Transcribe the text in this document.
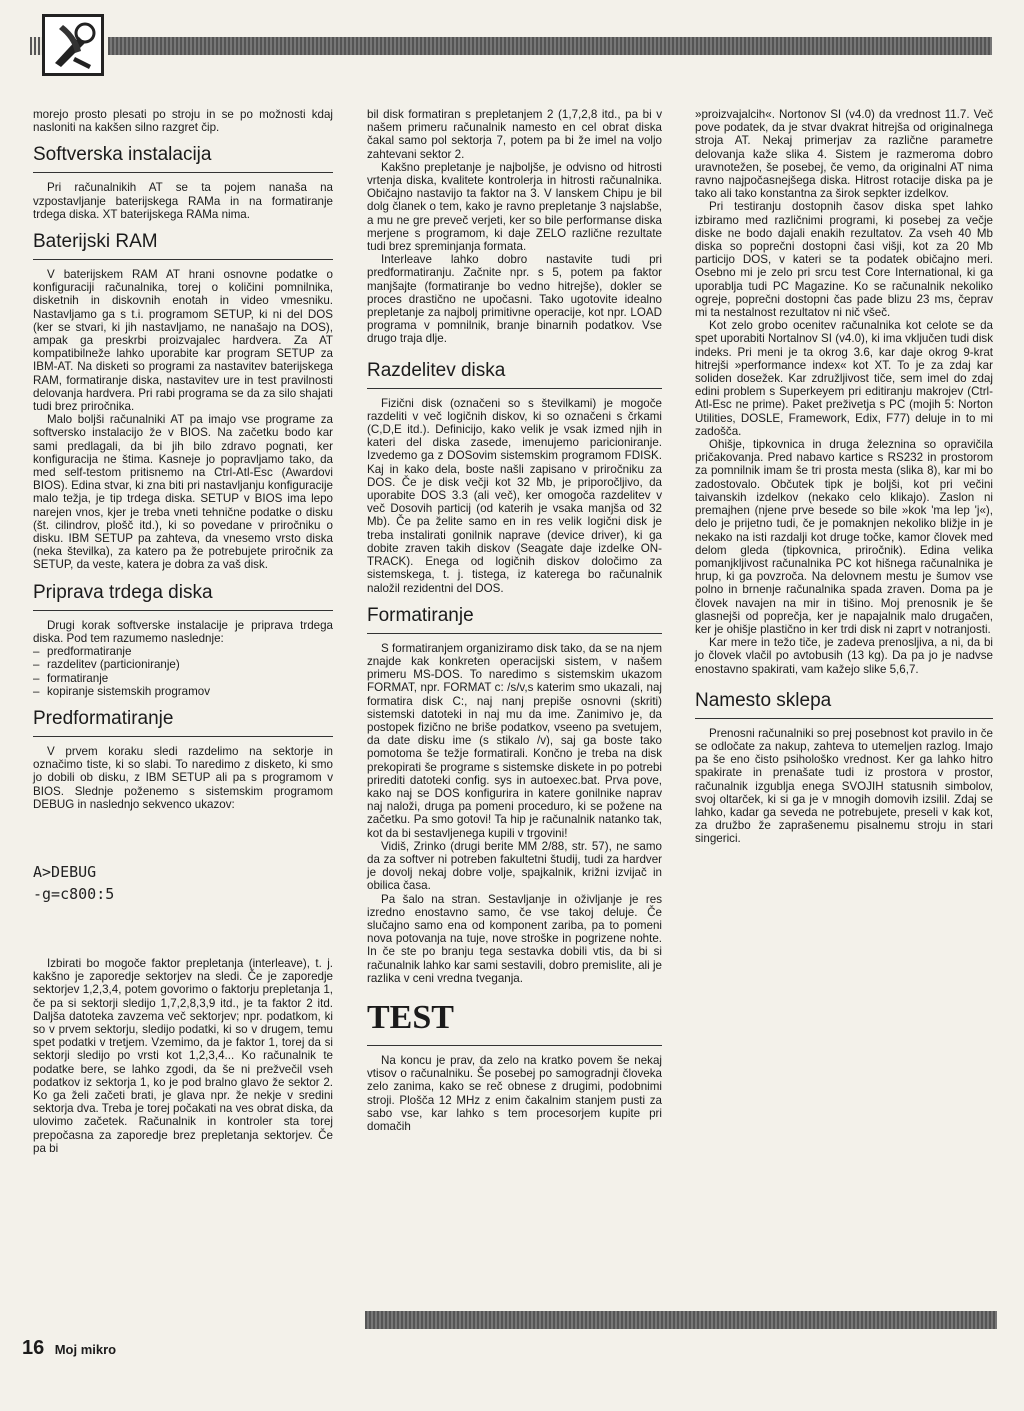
morejo prosto plesati po stroju in se po možnosti kdaj nasloniti na kakšen silno razgret čip.

Softverska instalacija

Pri računalnikih AT se ta pojem nanaša na vzpostavljanje baterijskega RAMa in na formatiranje trdega diska. XT baterijskega RAMa nima.

Baterijski RAM

V baterijskem RAM AT hrani osnovne podatke o konfiguraciji računalnika, torej o količini pomnilnika, disketnih in diskovnih enotah in video vmesniku. Nastavljamo ga s t.i. programom SETUP, ki ni del DOS (ker se stvari, ki jih nastavljamo, ne nanašajo na DOS), ampak ga preskrbi proizvajalec hardvera. Za AT kompatibilneže lahko uporabite kar program SETUP za IBM-AT. Na disketi so programi za nastavitev baterijskega RAM, formatiranje diska, nastavitev ure in test pravilnosti delovanja hardvera. Pri rabi programa se da za silo shajati tudi brez priročnika.

Malo boljši računalniki AT pa imajo vse programe za softversko instalacijo že v BIOS. Na začetku bodo kar sami predlagali, da bi jih bilo zdravo pognati, ker konfiguracija ne štima. Kasneje jo popravljamo tako, da med self-testom pritisnemo na Ctrl-Atl-Esc (Awardovi BIOS). Edina stvar, ki zna biti pri nastavljanju konfiguracije malo težja, je tip trdega diska. SETUP v BIOS ima lepo narejen vnos, kjer je treba vneti tehnične podatke o disku (št. cilindrov, plošč itd.), ki so povedane v priročniku o disku. IBM SETUP pa zahteva, da vnesemo vrsto diska (neka številka), za katero pa že potrebujete priročnik za SETUP, da veste, katera je dobra za vaš disk.

Priprava trdega diska

Drugi korak softverske instalacije je priprava trdega diska. Pod tem razumemo naslednje:

– predformatiranje
– razdelitev (particioniranje)
– formatiranje
– kopiranje sistemskih programov
Predformatiranje

V prvem koraku sledi razdelimo na sektorje in označimo tiste, ki so slabi. To naredimo z disketo, ki smo jo dobili ob disku, z IBM SETUP ali pa s programom v BIOS. Slednje poženemo s sistemskim programom DEBUG in naslednjo sekvenco ukazov:

A>DEBUG
-g=c800:5

Izbirati bo mogoče faktor prepletanja (interleave), t. j. kakšno je zaporedje sektorjev na sledi. Če je zaporedje sektorjev 1,2,3,4, potem govorimo o faktorju prepletanja 1, če pa si sektorji sledijo 1,7,2,8,3,9 itd., je ta faktor 2 itd. Daljša datoteka zavzema več sektorjev; npr. podatkom, ki so v prvem sektorju, sledijo podatki, ki so v drugem, temu spet podatki v tretjem. Vzemimo, da je faktor 1, torej da si sektorji sledijo po vrsti kot 1,2,3,4... Ko računalnik te podatke bere, se lahko zgodi, da še ni prežvečil vseh podatkov iz sektorja 1, ko je pod bralno glavo že sektor 2. Ko ga želi začeti brati, je glava npr. že nekje v sredini sektorja dva. Treba je torej počakati na ves obrat diska, da ulovimo začetek. Računalnik in kontroler sta torej prepočasna za zaporedje brez prepletanja sektorjev. Če pa bi

bil disk formatiran s prepletanjem 2 (1,7,2,8 itd., pa bi v našem primeru računalnik namesto en cel obrat diska čakal samo pol sektorja 7, potem pa bi že imel na voljo zahtevani sektor 2.

Kakšno prepletanje je najboljše, je odvisno od hitrosti vrtenja diska, kvalitete kontrolerja in hitrosti računalnika. Običajno nastavijo ta faktor na 3. V lanskem Chipu je bil dolg članek o tem, kako je ravno prepletanje 3 najslabše, a mu ne gre preveč verjeti, ker so bile performanse diska merjene s programom, ki daje ZELO različne rezultate tudi brez spreminjanja formata.

Interleave lahko dobro nastavite tudi pri predformatiranju. Začnite npr. s 5, potem pa faktor manjšajte (formatiranje bo vedno hitrejše), dokler se proces drastično ne upočasni. Tako ugotovite idealno prepletanje za najbolj primitivne operacije, kot npr. LOAD programa v pomnilnik, branje binarnih podatkov. Vse drugo traja dlje.

Razdelitev diska

Fizični disk (označeni so s številkami) je mogoče razdeliti v več logičnih diskov, ki so označeni s črkami (C,D,E itd.). Definicijo, kako velik je vsak izmed njih in kateri del diska zasede, imenujemo paricioniranje. Izvedemo ga z DOSovim sistemskim programom FDISK. Kaj in kako dela, boste našli zapisano v priročniku za DOS. Če je disk večji kot 32 Mb, je priporočljivo, da uporabite DOS 3.3 (ali več), ker omogoča razdelitev v več Dosovih particij (od katerih je vsaka manjša od 32 Mb). Če pa želite samo en in res velik logični disk je treba instalirati gonilnik naprave (device driver), ki ga dobite zraven takih diskov (Seagate daje izdelke ON-TRACK). Enega od logičnih diskov določimo za sistemskega, t. j. tistega, iz katerega bo računalnik naložil rezidentni del DOS.

Formatiranje

S formatiranjem organiziramo disk tako, da se na njem znajde kak konkreten operacijski sistem, v našem primeru MS-DOS. To naredimo s sistemskim ukazom FORMAT, npr. FORMAT c: /s/v,s katerim smo ukazali, naj formatira disk C:, naj nanj prepiše osnovni (skriti) sistemski datoteki in naj mu da ime. Zanimivo je, da postopek fizično ne briše podatkov, vseeno pa svetujem, da date disku ime (s stikalo /v), saj ga boste tako pomotoma še težje formatirali. Končno je treba na disk prekopirati še programe s sistemske diskete in po potrebi prirediti datoteki config. sys in autoexec.bat. Prva pove, kako naj se DOS konfigurira in katere gonilnike naprav naj naloži, druga pa pomeni proceduro, ki se požene na začetku. Pa smo gotovi! Ta hip je računalnik natanko tak, kot da bi sestavljenega kupili v trgovini!

Vidiš, Zrinko (drugi berite MM 2/88, str. 57), ne samo da za softver ni potreben fakultetni študij, tudi za hardver je dovolj nekaj dobre volje, spajkalnik, križni izvijač in obilica časa.

Pa šalo na stran. Sestavljanje in oživljanje je res izredno enostavno samo, če vse takoj deluje. Če slučajno samo ena od komponent zariba, pa to pomeni nova potovanja na tuje, nove stroške in pogrizene nohte. In če ste po branju tega sestavka dobili vtis, da bi si računalnik lahko kar sami sestavili, dobro premislite, ali je razlika v ceni vredna tveganja.

TEST

Na koncu je prav, da zelo na kratko povem še nekaj vtisov o računalniku. Še posebej po samogradnji človeka zelo zanima, kako se reč obnese z drugimi, podobnimi stroji. Plošča 12 MHz z enim čakalnim stanjem pusti za sabo vse, kar lahko s tem procesorjem kupite pri domačih

»proizvajalcih«. Nortonov SI (v4.0) da vrednost 11.7. Več pove podatek, da je stvar dvakrat hitrejša od originalnega stroja AT. Nekaj primerjav za različne parametre delovanja kaže slika 4. Sistem je razmeroma dobro uravnotežen, še posebej, če vemo, da originalni AT nima ravno najpočasnejšega diska. Hitrost rotacije diska pa je tako ali tako konstantna za širok sepkter izdelkov.

Pri testiranju dostopnih časov diska spet lahko izbiramo med različnimi programi, ki posebej za večje diske ne bodo dajali enakih rezultatov. Za vseh 40 Mb diska so poprečni dostopni časi višji, kot za 20 Mb particijo DOS, v kateri se ta podatek običajno meri. Osebno mi je zelo pri srcu test Core International, ki ga uporablja tudi PC Magazine. Ko se računalnik nekoliko ogreje, poprečni dostopni čas pade blizu 23 ms, čeprav mi ta nestalnost rezultatov ni nič všeč.

Kot zelo grobo ocenitev računalnika kot celote se da spet uporabiti Nortalnov SI (v4.0), ki ima vključen tudi disk indeks. Pri meni je ta okrog 3.6, kar daje okrog 9-krat hitrejši »performance index« kot XT. To je za zdaj kar soliden dosežek. Kar združljivost tiče, sem imel do zdaj edini problem s Superkeyem pri editiranju makrojev (Ctrl-Atl-Esc ne prime). Paket preživetja s PC (mojih 5: Norton Utilities, DOSLE, Framework, Edix, F77) deluje in to mi zadošča.

Ohišje, tipkovnica in druga železnina so opravičila pričakovanja. Pred nabavo kartice s RS232 in prostorom za pomnilnik imam še tri prosta mesta (slika 8), kar mi bo zadostovalo. Občutek tipk je boljši, kot pri večini taivanskih izdelkov (nekako celo klikajo). Zaslon ni premajhen (njene prve besede so bile »kok 'ma lep 'j«), delo je prijetno tudi, če je pomaknjen nekoliko bližje in je nekako na isti razdalji kot druge točke, kamor človek med delom gleda (tipkovnica, priročnik). Edina velika pomanjkljivost računalnika PC kot hišnega računalnika je hrup, ki ga povzroča. Na delovnem mestu je šumov vse polno in brnenje računalnika spada zraven. Doma pa je človek navajen na mir in tišino. Moj prenosnik je še glasnejši od poprečja, ker je napajalnik malo drugačen, ker je ohišje plastično in ker trdi disk ni zaprt v notranjosti.

Kar mere in težo tiče, je zadeva prenosljiva, a ni, da bi jo človek vlačil po avtobusih (13 kg). Da pa jo je nadvse enostavno spakirati, vam kažejo slike 5,6,7.

Namesto sklepa

Prenosni računalniki so prej posebnost kot pravilo in če se odločate za nakup, zahteva to utemeljen razlog. Imajo pa še eno čisto psihološko vrednost. Ker ga lahko hitro spakirate in prenašate tudi iz prostora v prostor, računalnik izgublja enega SVOJIH statusnih simbolov, svoj oltarček, ki si ga je v mnogih domovih izsilil. Zdaj se lahko, kadar ga seveda ne potrebujete, preseli v kak kot, za družbo že zaprašenemu pisalnemu stroju in stari singerici.

16 Moj mikro
